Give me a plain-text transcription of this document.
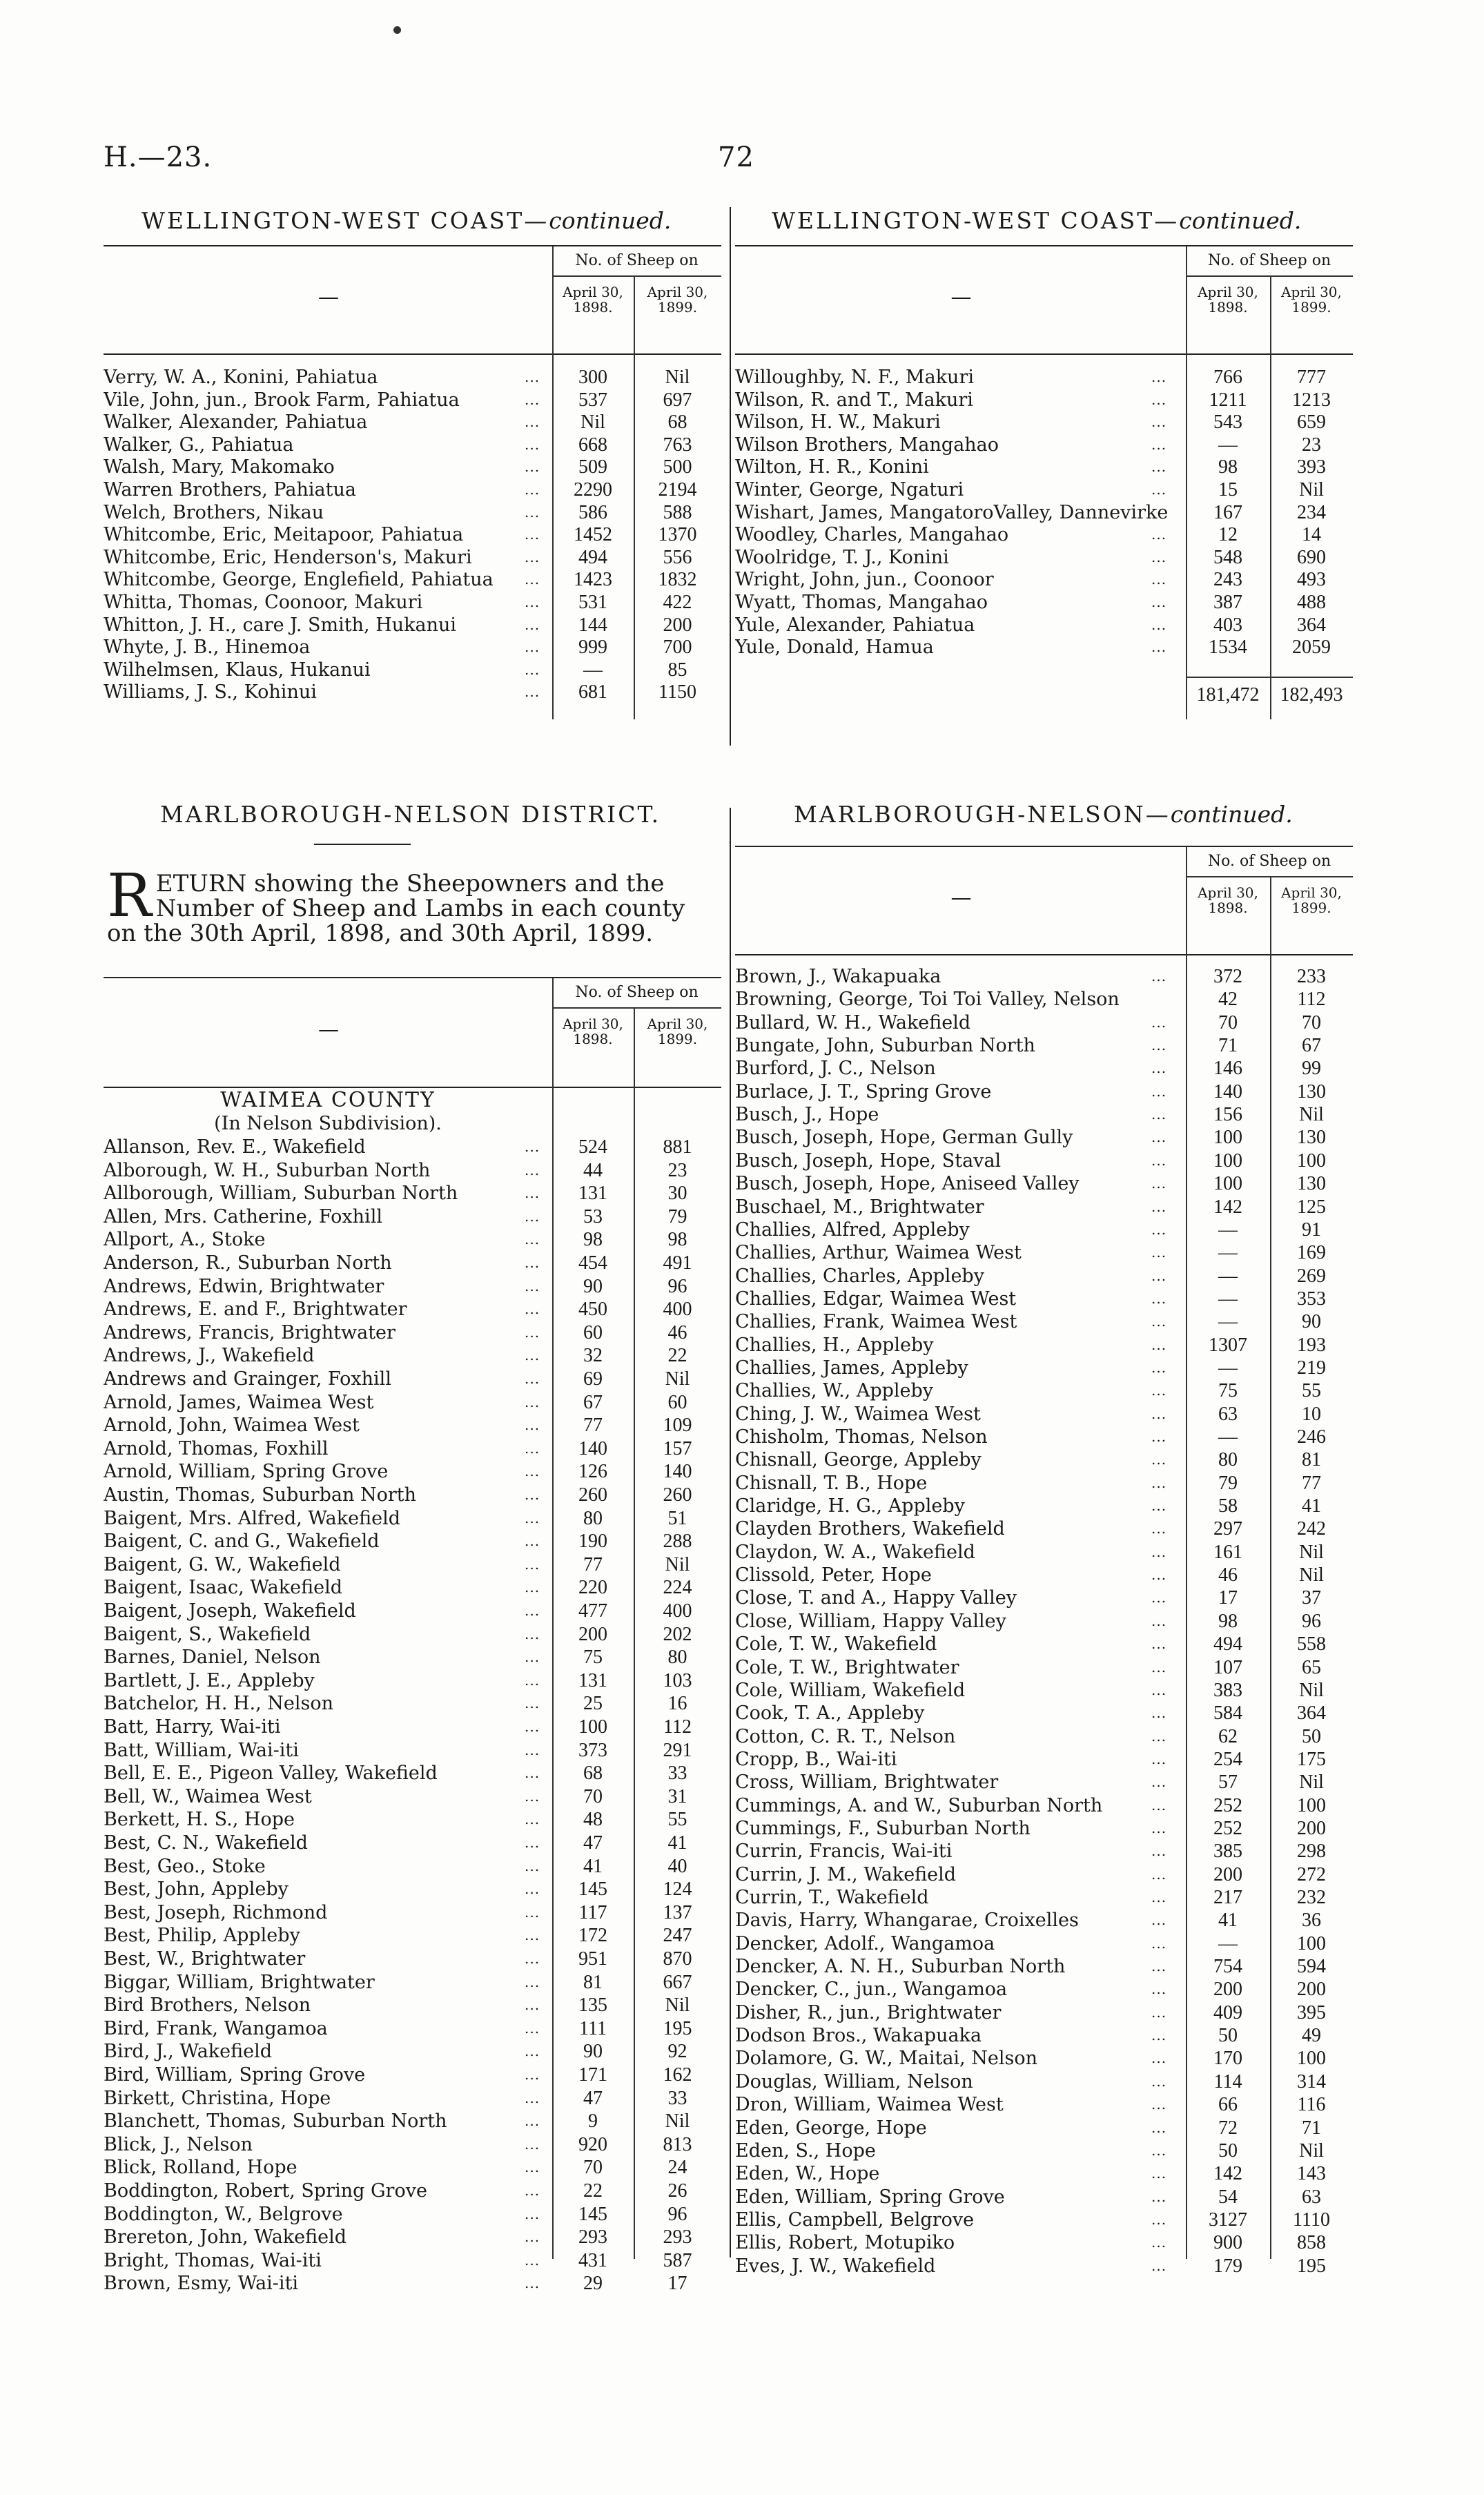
H.—23.	72
WELLINGTON-WEST COAST—continued.	WELLINGTON-WEST COAST—continued.
MARLBOROUGH-NELSON DISTRICT.	MARLBOROUGH-NELSON—continued.
R ETURN showing the Sheepowners and the Number of Sheep and Lambs in each county on the 30th April, 1898, and 30th April, 1899.
—
No. of Sheep on
April 30, 1898.
April 30, 1899.
Verry, W. A., Konini, Pahiatua	...	300	Nil
Vile, John, jun., Brook Farm, Pahiatua	...	537	697
Walker, Alexander, Pahiatua	...	Nil	68
Walker, G., Pahiatua	...	668	763
Walsh, Mary, Makomako	...	509	500
Warren Brothers, Pahiatua	...	2290	2194
Welch, Brothers, Nikau	...	586	588
Whitcombe, Eric, Meitapoor, Pahiatua	...	1452	1370
Whitcombe, Eric, Henderson's, Makuri	...	494	556
Whitcombe, George, Englefield, Pahiatua	...	1423	1832
Whitta, Thomas, Coonoor, Makuri	...	531	422
Whitton, J. H., care J. Smith, Hukanui	...	144	200
Whyte, J. B., Hinemoa	...	999	700
Wilhelmsen, Klaus, Hukanui	...	—	85
Williams, J. S., Kohinui	...	681	1150
—
No. of Sheep on
April 30, 1898.
April 30, 1899.
Willoughby, N. F., Makuri	...	766	777
Wilson, R. and T., Makuri	...	1211	1213
Wilson, H. W., Makuri	...	543	659
Wilson Brothers, Mangahao	...	—	23
Wilton, H. R., Konini	...	98	393
Winter, George, Ngaturi	...	15	Nil
Wishart, James, MangatoroValley, Dannevirke	167	234
Woodley, Charles, Mangahao	...	12	14
Woolridge, T. J., Konini	...	548	690
Wright, John, jun., Coonoor	...	243	493
Wyatt, Thomas, Mangahao	...	387	488
Yule, Alexander, Pahiatua	...	403	364
Yule, Donald, Hamua	...	1534	2059
181,472	182,493
—
No. of Sheep on
April 30, 1898.
April 30, 1899.
WAIMEA COUNTY
(In Nelson Subdivision).
Allanson, Rev. E., Wakefield	...	524	881
Alborough, W. H., Suburban North	...	44	23
Allborough, William, Suburban North	...	131	30
Allen, Mrs. Catherine, Foxhill	...	53	79
Allport, A., Stoke	...	98	98
Anderson, R., Suburban North	...	454	491
Andrews, Edwin, Brightwater	...	90	96
Andrews, E. and F., Brightwater	...	450	400
Andrews, Francis, Brightwater	...	60	46
Andrews, J., Wakefield	...	32	22
Andrews and Grainger, Foxhill	...	69	Nil
Arnold, James, Waimea West	...	67	60
Arnold, John, Waimea West	...	77	109
Arnold, Thomas, Foxhill	...	140	157
Arnold, William, Spring Grove	...	126	140
Austin, Thomas, Suburban North	...	260	260
Baigent, Mrs. Alfred, Wakefield	...	80	51
Baigent, C. and G., Wakefield	...	190	288
Baigent, G. W., Wakefield	...	77	Nil
Baigent, Isaac, Wakefield	...	220	224
Baigent, Joseph, Wakefield	...	477	400
Baigent, S., Wakefield	...	200	202
Barnes, Daniel, Nelson	...	75	80
Bartlett, J. E., Appleby	...	131	103
Batchelor, H. H., Nelson	...	25	16
Batt, Harry, Wai-iti	...	100	112
Batt, William, Wai-iti	...	373	291
Bell, E. E., Pigeon Valley, Wakefield	...	68	33
Bell, W., Waimea West	...	70	31
Berkett, H. S., Hope	...	48	55
Best, C. N., Wakefield	...	47	41
Best, Geo., Stoke	...	41	40
Best, John, Appleby	...	145	124
Best, Joseph, Richmond	...	117	137
Best, Philip, Appleby	...	172	247
Best, W., Brightwater	...	951	870
Biggar, William, Brightwater	...	81	667
Bird Brothers, Nelson	...	135	Nil
Bird, Frank, Wangamoa	...	111	195
Bird, J., Wakefield	...	90	92
Bird, William, Spring Grove	...	171	162
Birkett, Christina, Hope	...	47	33
Blanchett, Thomas, Suburban North	...	9	Nil
Blick, J., Nelson	...	920	813
Blick, Rolland, Hope	...	70	24
Boddington, Robert, Spring Grove	...	22	26
Boddington, W., Belgrove	...	145	96
Brereton, John, Wakefield	...	293	293
Bright, Thomas, Wai-iti	...	431	587
Brown, Esmy, Wai-iti	...	29	17
—
No. of Sheep on
April 30, 1898.
April 30, 1899.
Brown, J., Wakapuaka	...	372	233
Browning, George, Toi Toi Valley, Nelson	42	112
Bullard, W. H., Wakefield	...	70	70
Bungate, John, Suburban North	...	71	67
Burford, J. C., Nelson	...	146	99
Burlace, J. T., Spring Grove	...	140	130
Busch, J., Hope	...	156	Nil
Busch, Joseph, Hope, German Gully	...	100	130
Busch, Joseph, Hope, Staval	...	100	100
Busch, Joseph, Hope, Aniseed Valley	...	100	130
Buschael, M., Brightwater	...	142	125
Challies, Alfred, Appleby	...	—	91
Challies, Arthur, Waimea West	...	—	169
Challies, Charles, Appleby	...	—	269
Challies, Edgar, Waimea West	...	—	353
Challies, Frank, Waimea West	...	—	90
Challies, H., Appleby	...	1307	193
Challies, James, Appleby	...	—	219
Challies, W., Appleby	...	75	55
Ching, J. W., Waimea West	...	63	10
Chisholm, Thomas, Nelson	...	—	246
Chisnall, George, Appleby	...	80	81
Chisnall, T. B., Hope	...	79	77
Claridge, H. G., Appleby	...	58	41
Clayden Brothers, Wakefield	...	297	242
Claydon, W. A., Wakefield	...	161	Nil
Clissold, Peter, Hope	...	46	Nil
Close, T. and A., Happy Valley	...	17	37
Close, William, Happy Valley	...	98	96
Cole, T. W., Wakefield	...	494	558
Cole, T. W., Brightwater	...	107	65
Cole, William, Wakefield	...	383	Nil
Cook, T. A., Appleby	...	584	364
Cotton, C. R. T., Nelson	...	62	50
Cropp, B., Wai-iti	...	254	175
Cross, William, Brightwater	...	57	Nil
Cummings, A. and W., Suburban North	...	252	100
Cummings, F., Suburban North	...	252	200
Currin, Francis, Wai-iti	...	385	298
Currin, J. M., Wakefield	...	200	272
Currin, T., Wakefield	...	217	232
Davis, Harry, Whangarae, Croixelles	...	41	36
Dencker, Adolf., Wangamoa	...	—	100
Dencker, A. N. H., Suburban North	...	754	594
Dencker, C., jun., Wangamoa	...	200	200
Disher, R., jun., Brightwater	...	409	395
Dodson Bros., Wakapuaka	...	50	49
Dolamore, G. W., Maitai, Nelson	...	170	100
Douglas, William, Nelson	...	114	314
Dron, William, Waimea West	...	66	116
Eden, George, Hope	...	72	71
Eden, S., Hope	...	50	Nil
Eden, W., Hope	...	142	143
Eden, William, Spring Grove	...	54	63
Ellis, Campbell, Belgrove	...	3127	1110
Ellis, Robert, Motupiko	...	900	858
Eves, J. W., Wakefield	...	179	195
